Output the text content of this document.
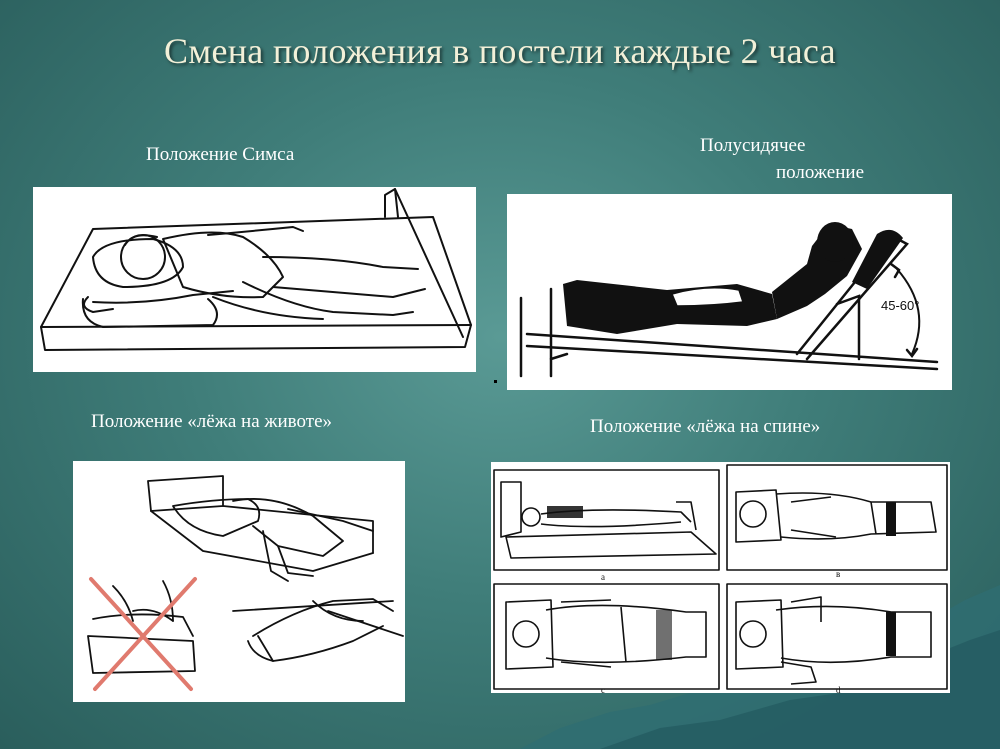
Смена положения в постели каждые 2 часа
Положение Симса	Полусидячее
положение
45-60°
Положение «лёжа на животе»	Положение «лёжа на спине»
а	в
с	d
